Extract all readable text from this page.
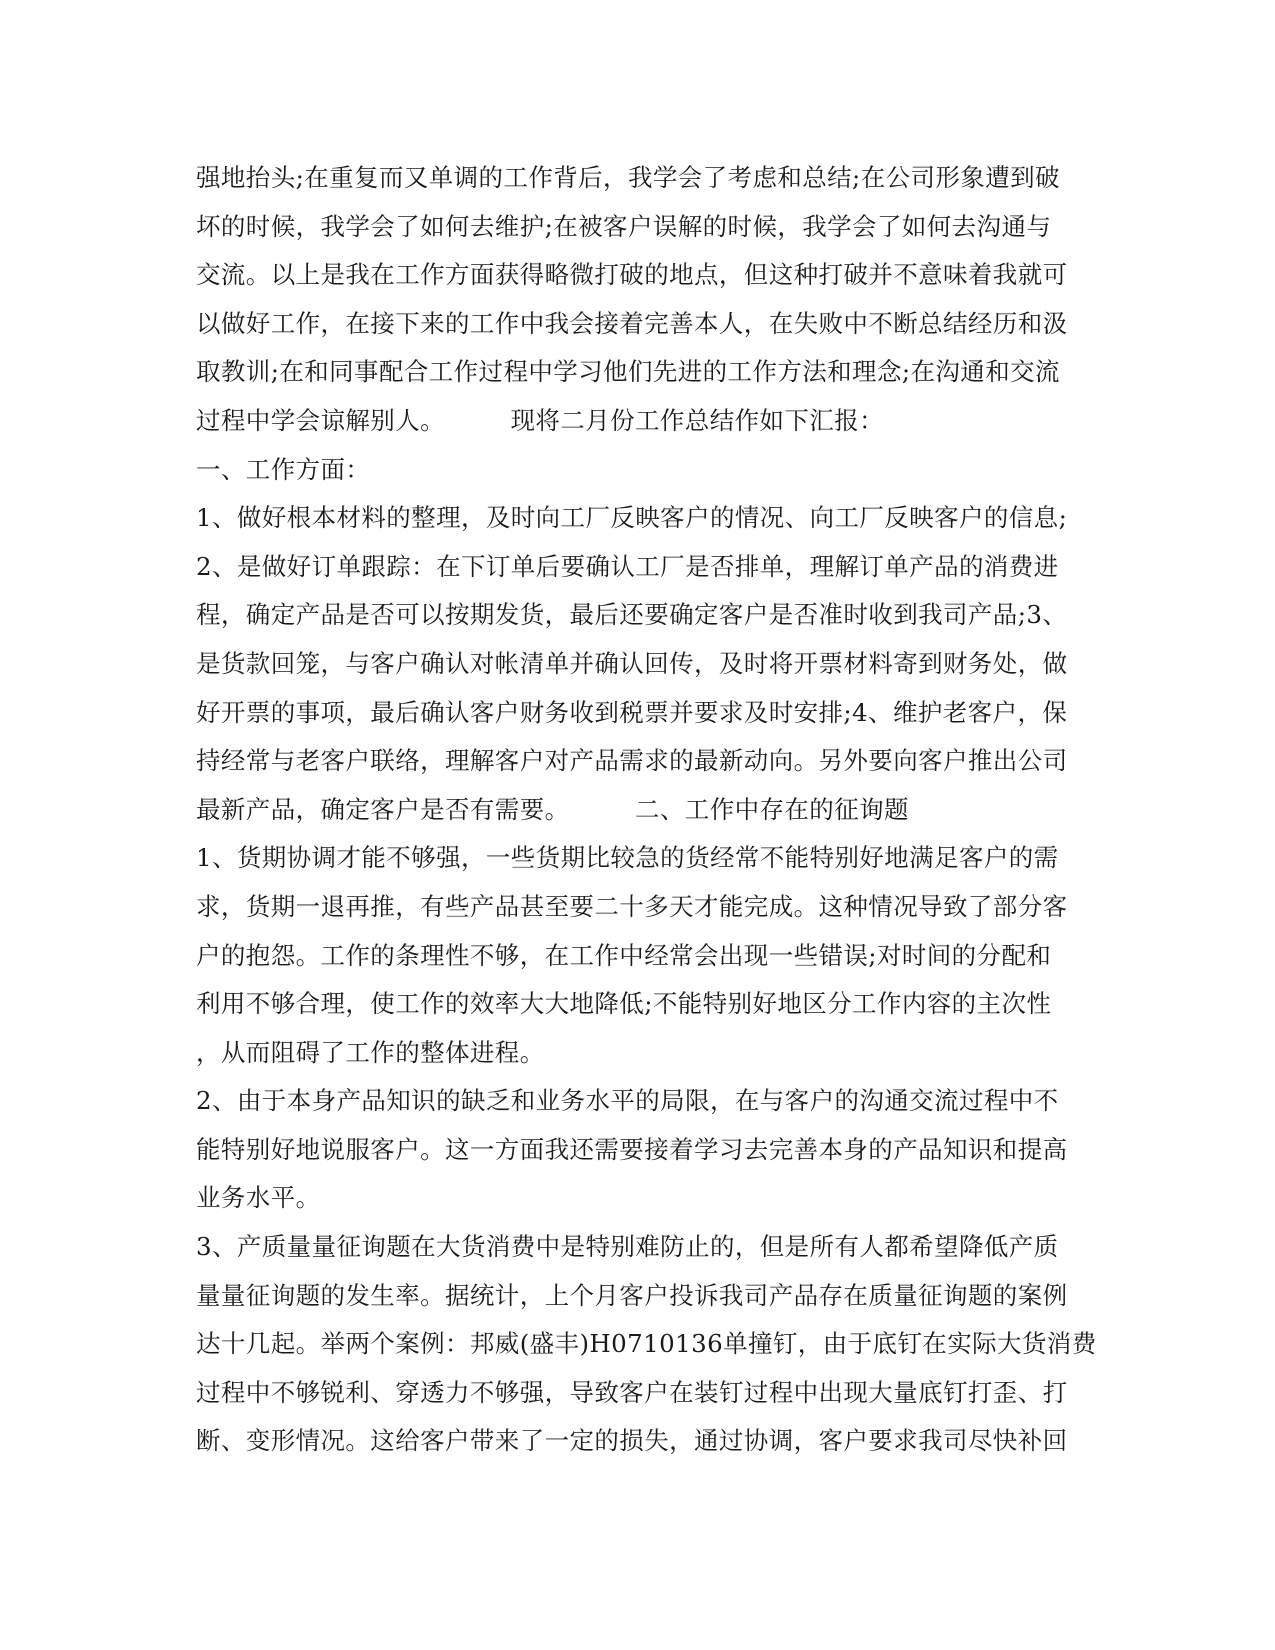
强地抬头;在重复而又单调的工作背后，我学会了考虑和总结;在公司形象遭到破
坏的时候，我学会了如何去维护;在被客户误解的时候，我学会了如何去沟通与
交流。以上是我在工作方面获得略微打破的地点，但这种打破并不意味着我就可
以做好工作，在接下来的工作中我会接着完善本人，在失败中不断总结经历和汲
取教训;在和同事配合工作过程中学习他们先进的工作方法和理念;在沟通和交流
过程中学会谅解别人。        现将二月份工作总结作如下汇报：
一、工作方面：
1、做好根本材料的整理，及时向工厂反映客户的情况、向工厂反映客户的信息;
2、是做好订单跟踪：在下订单后要确认工厂是否排单，理解订单产品的消费进
程，确定产品是否可以按期发货，最后还要确定客户是否准时收到我司产品;3、
是货款回笼，与客户确认对帐清单并确认回传，及时将开票材料寄到财务处，做
好开票的事项，最后确认客户财务收到税票并要求及时安排;4、维护老客户，保
持经常与老客户联络，理解客户对产品需求的最新动向。另外要向客户推出公司
最新产品，确定客户是否有需要。        二、工作中存在的征询题
1、货期协调才能不够强，一些货期比较急的货经常不能特别好地满足客户的需
求，货期一退再推，有些产品甚至要二十多天才能完成。这种情况导致了部分客
户的抱怨。工作的条理性不够，在工作中经常会出现一些错误;对时间的分配和
利用不够合理，使工作的效率大大地降低;不能特别好地区分工作内容的主次性
，从而阻碍了工作的整体进程。
2、由于本身产品知识的缺乏和业务水平的局限，在与客户的沟通交流过程中不
能特别好地说服客户。这一方面我还需要接着学习去完善本身的产品知识和提高
业务水平。
3、产质量量征询题在大货消费中是特别难防止的，但是所有人都希望降低产质
量量征询题的发生率。据统计，上个月客户投诉我司产品存在质量征询题的案例
达十几起。举两个案例：邦威(盛丰)H0710136单撞钉，由于底钉在实际大货消费
过程中不够锐利、穿透力不够强，导致客户在装钉过程中出现大量底钉打歪、打
断、变形情况。这给客户带来了一定的损失，通过协调，客户要求我司尽快补回
